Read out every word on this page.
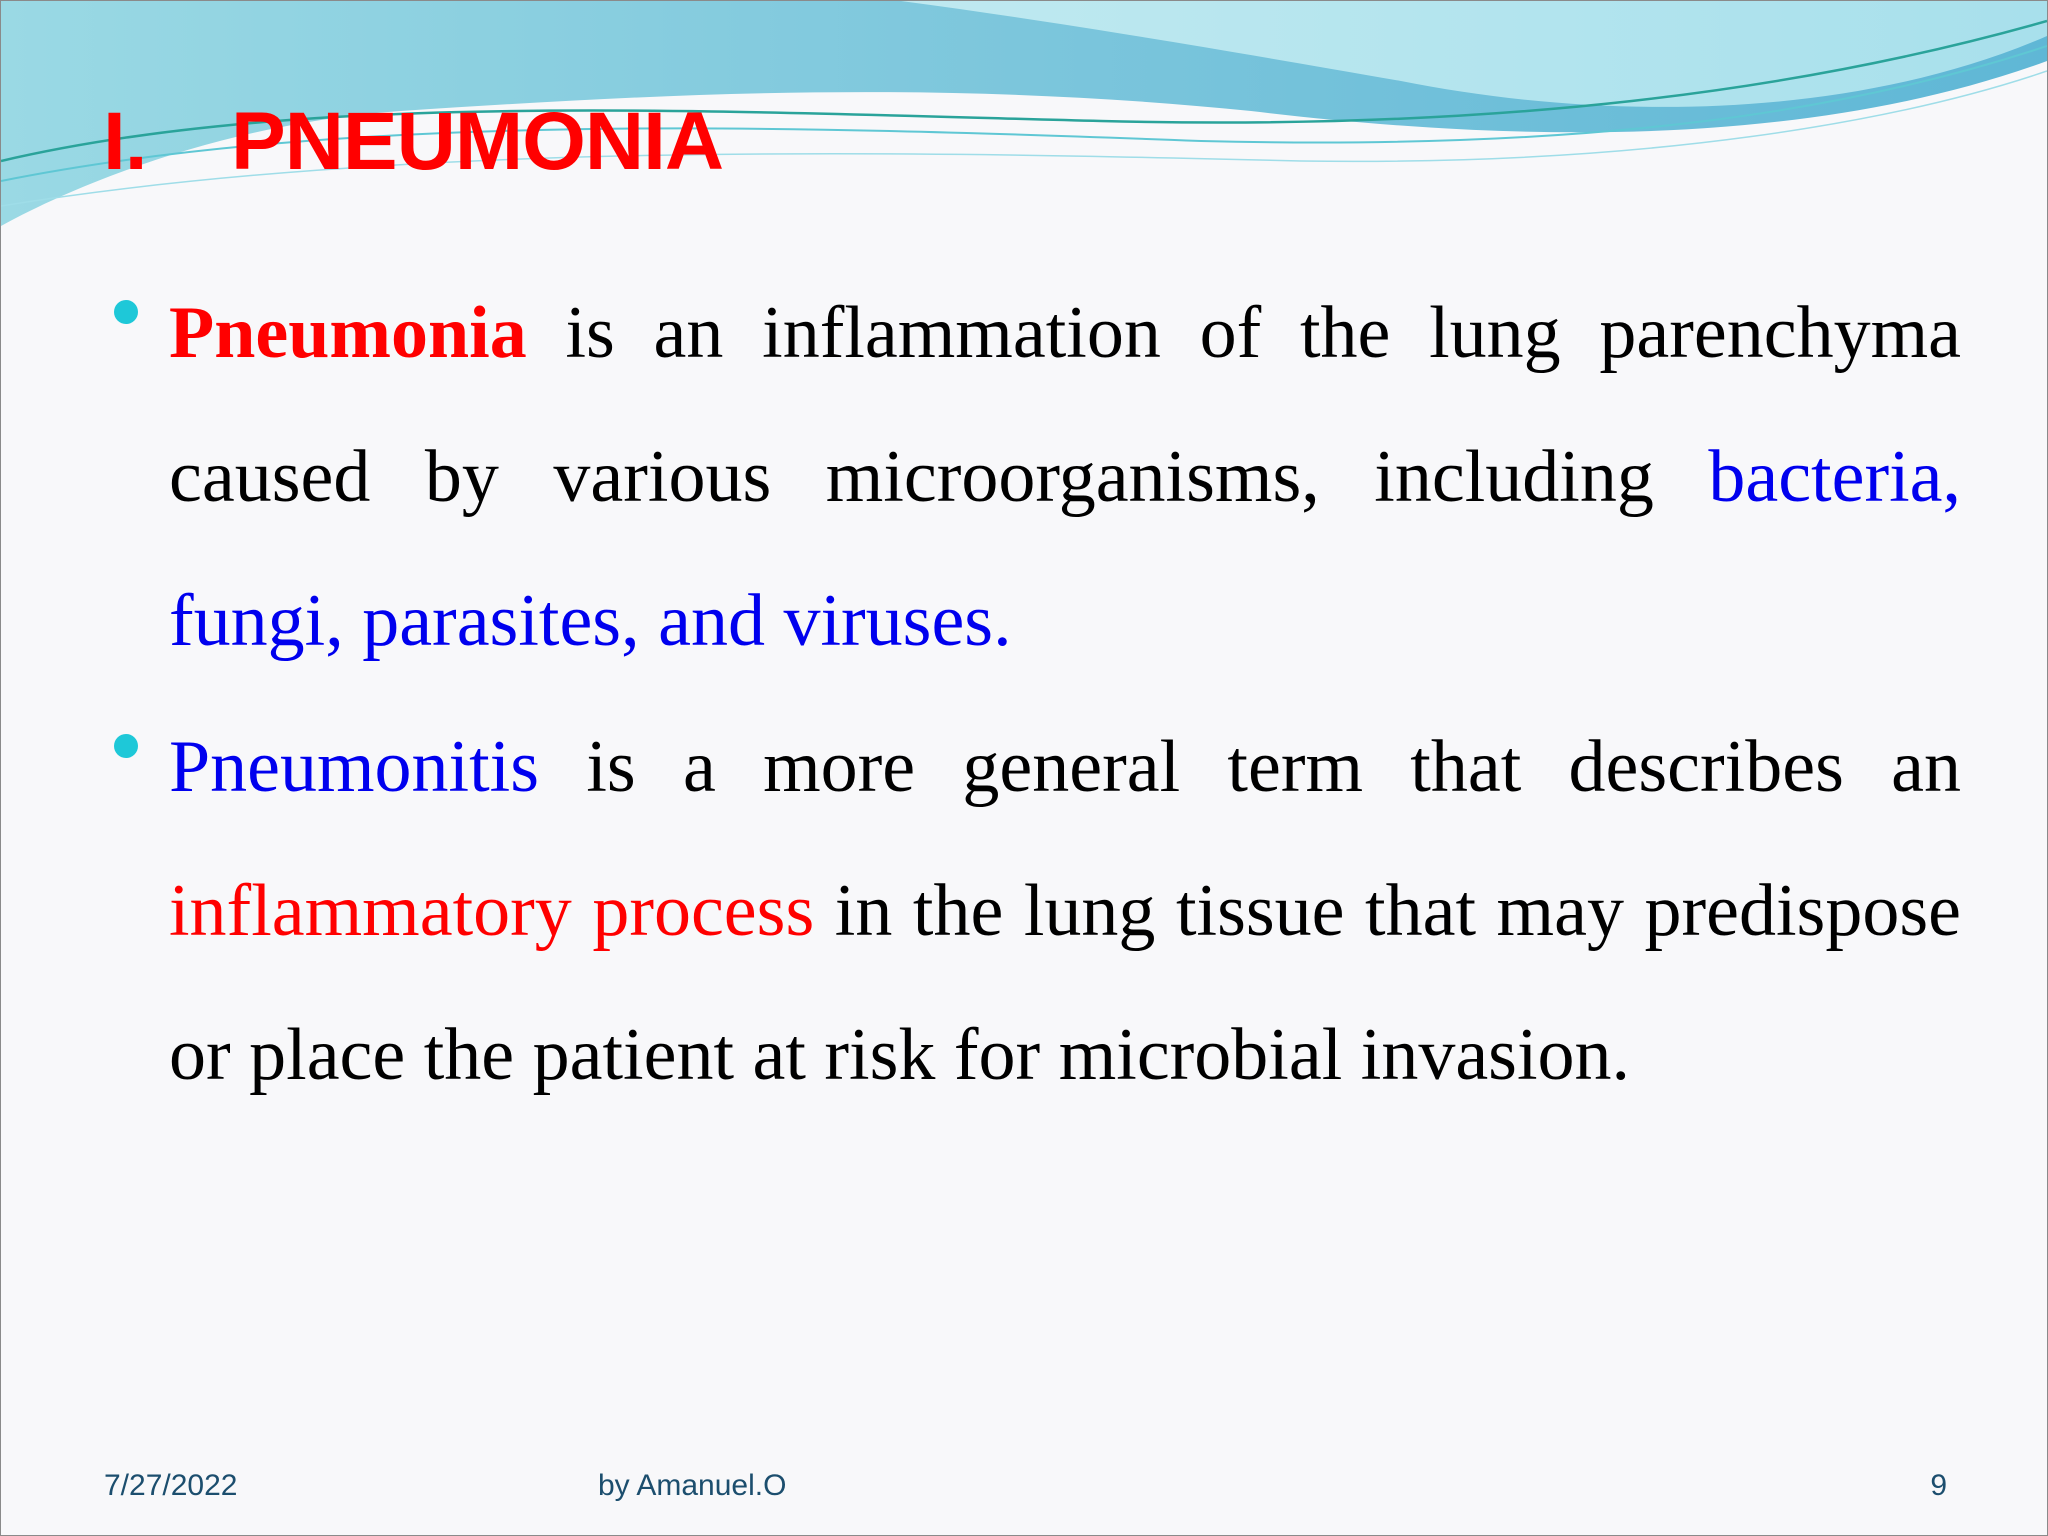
I. PNEUMONIA
Pneumonia is an inflammation of the lung parenchyma caused by various microorganisms, including bacteria, fungi, parasites, and viruses.
Pneumonitis is a more general term that describes an inflammatory process in the lung tissue that may predispose or place the patient at risk for microbial invasion.
7/27/2022	by Amanuel.O	9
